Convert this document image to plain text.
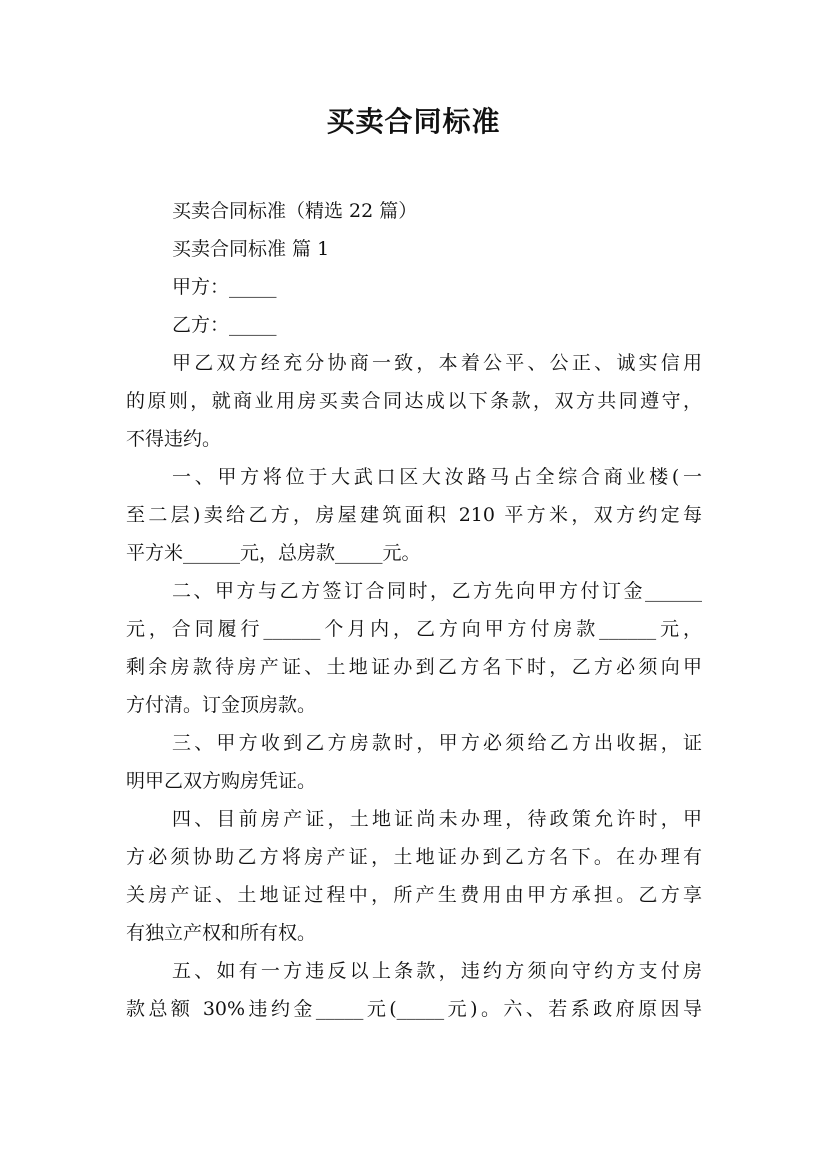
买卖合同标准

买卖合同标准（精选 22 篇）

买卖合同标准 篇 1

甲方：_____

乙方：_____

甲乙双方经充分协商一致，本着公平、公正、诚实信用

的原则，就商业用房买卖合同达成以下条款，双方共同遵守，

不得违约。

一、甲方将位于大武口区大汝路马占全综合商业楼(一

至二层)卖给乙方，房屋建筑面积 210 平方米，双方约定每

平方米______元，总房款_____元。

二、甲方与乙方签订合同时，乙方先向甲方付订金______

元，合同履行______个月内，乙方向甲方付房款______元，

剩余房款待房产证、土地证办到乙方名下时，乙方必须向甲

方付清。订金顶房款。

三、甲方收到乙方房款时，甲方必须给乙方出收据，证

明甲乙双方购房凭证。

四、目前房产证，土地证尚未办理，待政策允许时，甲

方必须协助乙方将房产证，土地证办到乙方名下。在办理有

关房产证、土地证过程中，所产生费用由甲方承担。乙方享

有独立产权和所有权。

五、如有一方违反以上条款，违约方须向守约方支付房

款总额 30%违约金_____元(_____元)。六、若系政府原因导
